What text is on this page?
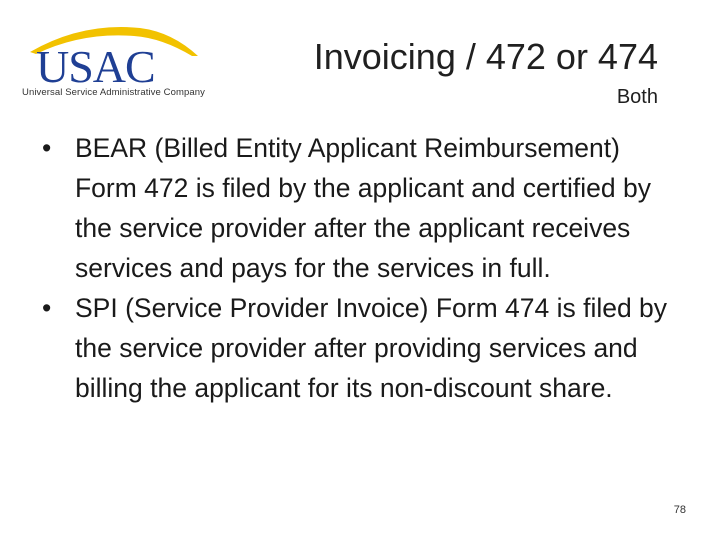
USAC
Universal Service Administrative Company
Invoicing / 472 or 474
Both
• BEAR (Billed Entity Applicant Reimbursement) Form 472 is filed by the applicant and certified by the service provider after the applicant receives services and pays for the services in full.
• SPI (Service Provider Invoice) Form 474 is filed by the service provider after providing services and billing the applicant for its non-discount share.
78
